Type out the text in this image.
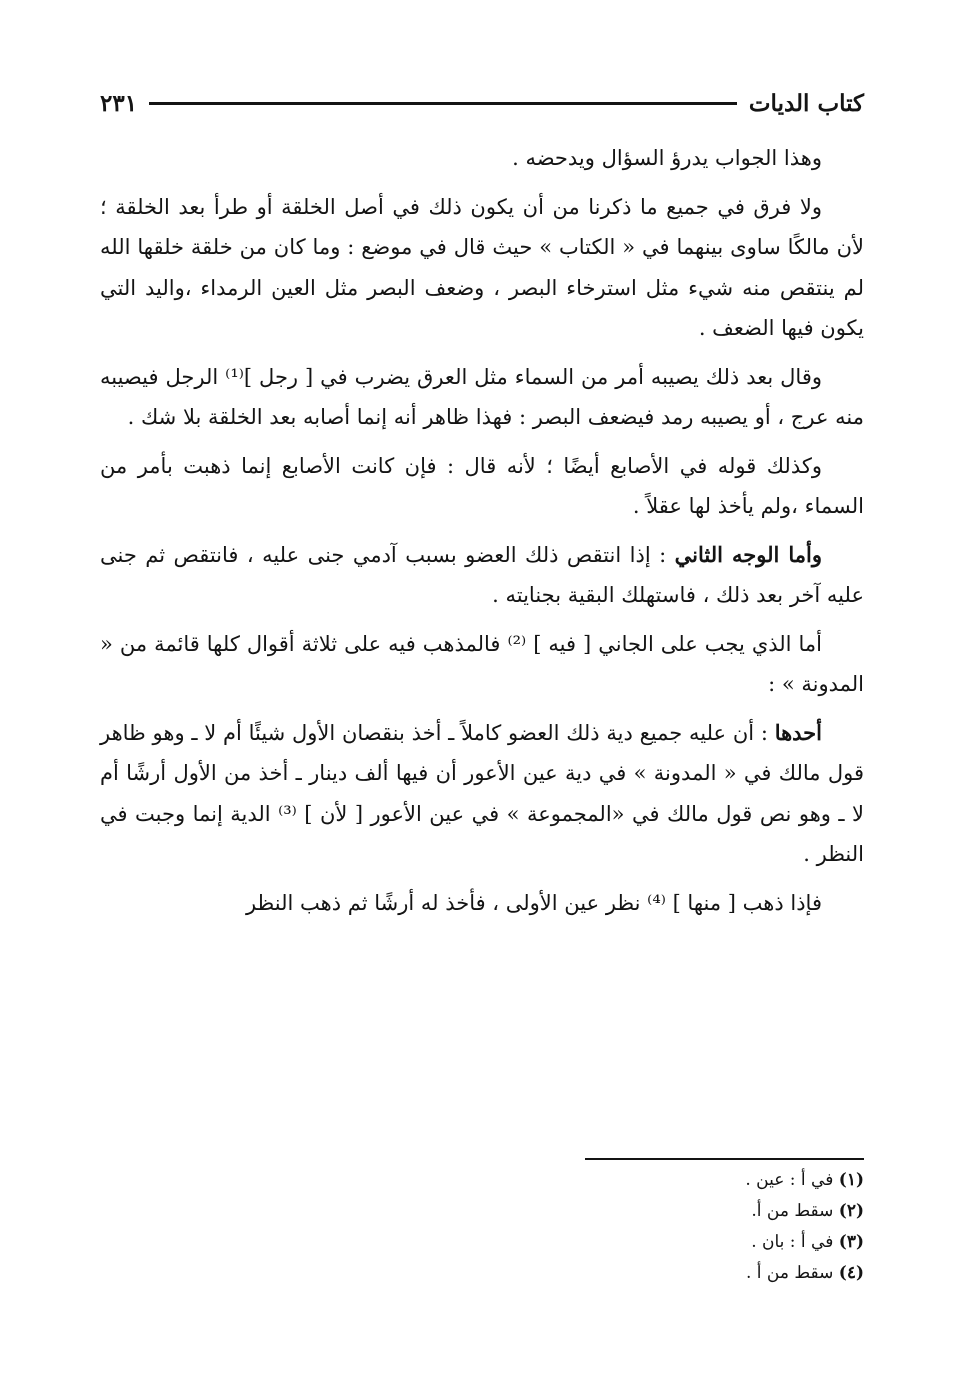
كتاب الديات
٢٣١

وهذا الجواب يدرؤ السؤال ويدحضه .

ولا فرق في جميع ما ذكرنا من أن يكون ذلك في أصل الخلقة أو طرأ بعد الخلقة ؛ لأن مالكًا ساوى بينهما في « الكتاب » حيث قال في موضع : وما كان من خلقة خلقها الله لم ينتقص منه شيء مثل استرخاء البصر ، وضعف البصر مثل العين الرمداء ،واليد التي يكون فيها الضعف .

وقال بعد ذلك يصيبه أمر من السماء مثل العرق يضرب في [ رجل ]⁽¹⁾ الرجل فيصيبه منه عرج ، أو يصيبه رمد فيضعف البصر : فهذا ظاهر أنه إنما أصابه بعد الخلقة بلا شك .

وكذلك قوله في الأصابع أيضًا ؛ لأنه قال : فإن كانت الأصابع إنما ذهبت بأمر من السماء ،ولم يأخذ لها عقلاً .

وأما الوجه الثاني : إذا انتقص ذلك العضو بسبب آدمي جنى عليه ، فانتقص ثم جنى عليه آخر بعد ذلك ، فاستهلك البقية بجنايته .

أما الذي يجب على الجاني [ فيه ] ⁽²⁾ فالمذهب فيه على ثلاثة أقوال كلها قائمة من « المدونة » :

أحدها : أن عليه جميع دية ذلك العضو كاملاً ـ أخذ بنقصان الأول شيئًا أم لا ـ وهو ظاهر قول مالك في « المدونة » في دية عين الأعور أن فيها ألف دينار ـ أخذ من الأول أرشًا أم لا ـ وهو نص قول مالك في «المجموعة » في عين الأعور [ لأن ] ⁽³⁾ الدية إنما وجبت في النظر .

فإذا ذهب [ منها ] ⁽⁴⁾ نظر عين الأولى ، فأخذ له أرشًا ثم ذهب النظر

(١) في أ : عين .

(٢) سقط من أ.

(٣) في أ : بان .

(٤) سقط من أ .
